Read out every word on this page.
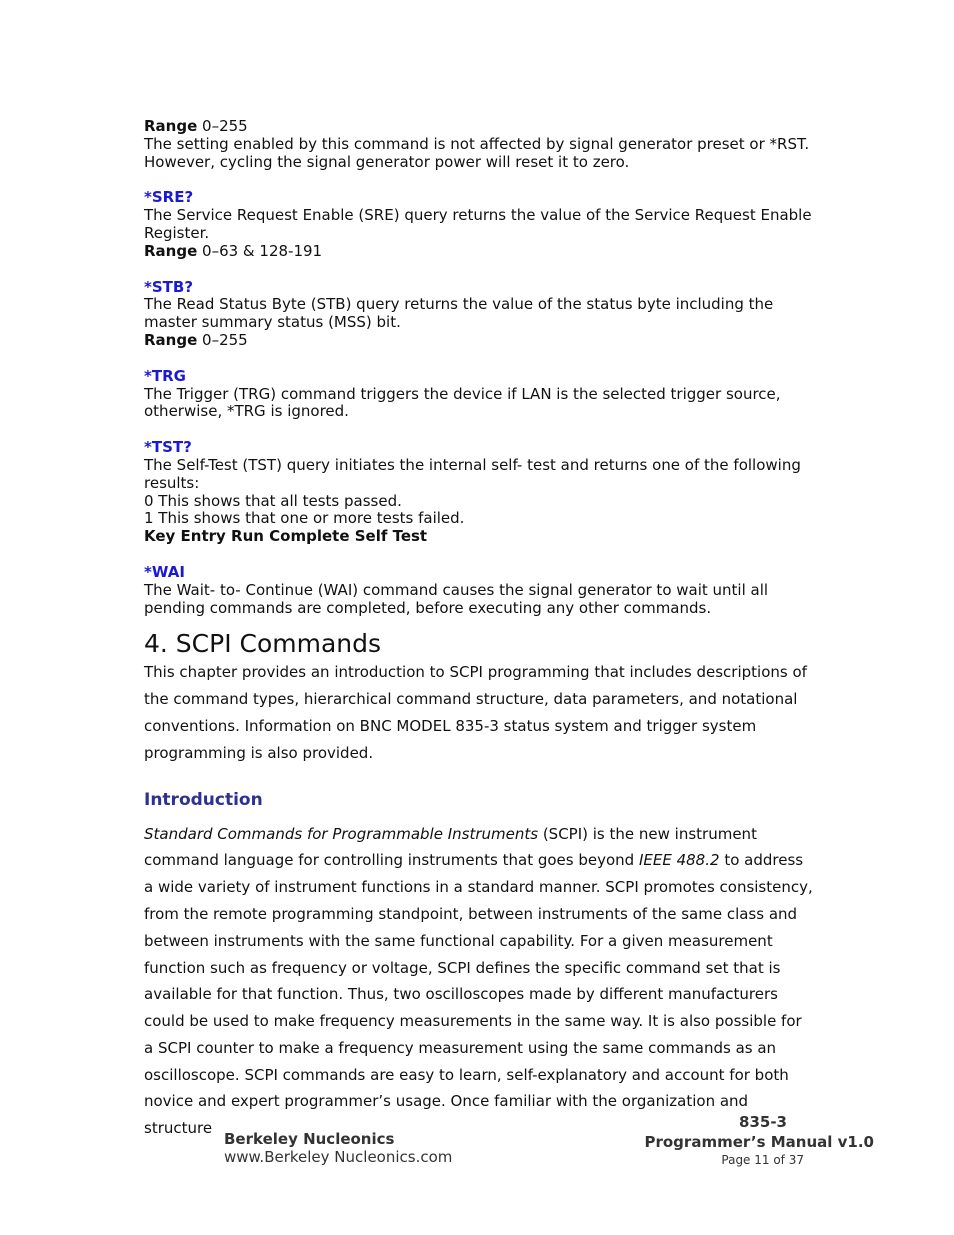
Range 0–255

The setting enabled by this command is not affected by signal generator preset or *RST. However, cycling the signal generator power will reset it to zero.

*SRE?

The Service Request Enable (SRE) query returns the value of the Service Request Enable Register.

Range 0–63 & 128-191

*STB?

The Read Status Byte (STB) query returns the value of the status byte including the master summary status (MSS) bit.

Range 0–255

*TRG

The Trigger (TRG) command triggers the device if LAN is the selected trigger source, otherwise, *TRG is ignored.

*TST?

The Self-Test (TST) query initiates the internal self- test and returns one of the following results:

0 This shows that all tests passed.

1 This shows that one or more tests failed.

Key Entry Run Complete Self Test

*WAI

The Wait- to- Continue (WAI) command causes the signal generator to wait until all pending commands are completed, before executing any other commands.

4. SCPI Commands

This chapter provides an introduction to SCPI programming that includes descriptions of the command types, hierarchical command structure, data parameters, and notational conventions. Information on BNC MODEL 835-3 status system and trigger system programming is also provided.

Introduction

Standard Commands for Programmable Instruments (SCPI) is the new instrument command language for controlling instruments that goes beyond IEEE 488.2 to address a wide variety of instrument functions in a standard manner. SCPI promotes consistency, from the remote programming standpoint, between instruments of the same class and between instruments with the same functional capability. For a given measurement function such as frequency or voltage, SCPI defines the specific command set that is available for that function. Thus, two oscilloscopes made by different manufacturers could be used to make frequency measurements in the same way. It is also possible for a SCPI counter to make a frequency measurement using the same commands as an oscilloscope. SCPI commands are easy to learn, self-explanatory and account for both novice and expert programmer’s usage. Once familiar with the organization and structure

Berkeley Nucleonics
www.Berkeley Nucleonics.com
835-3
Programmer’s Manual v1.0
Page 11 of 37
